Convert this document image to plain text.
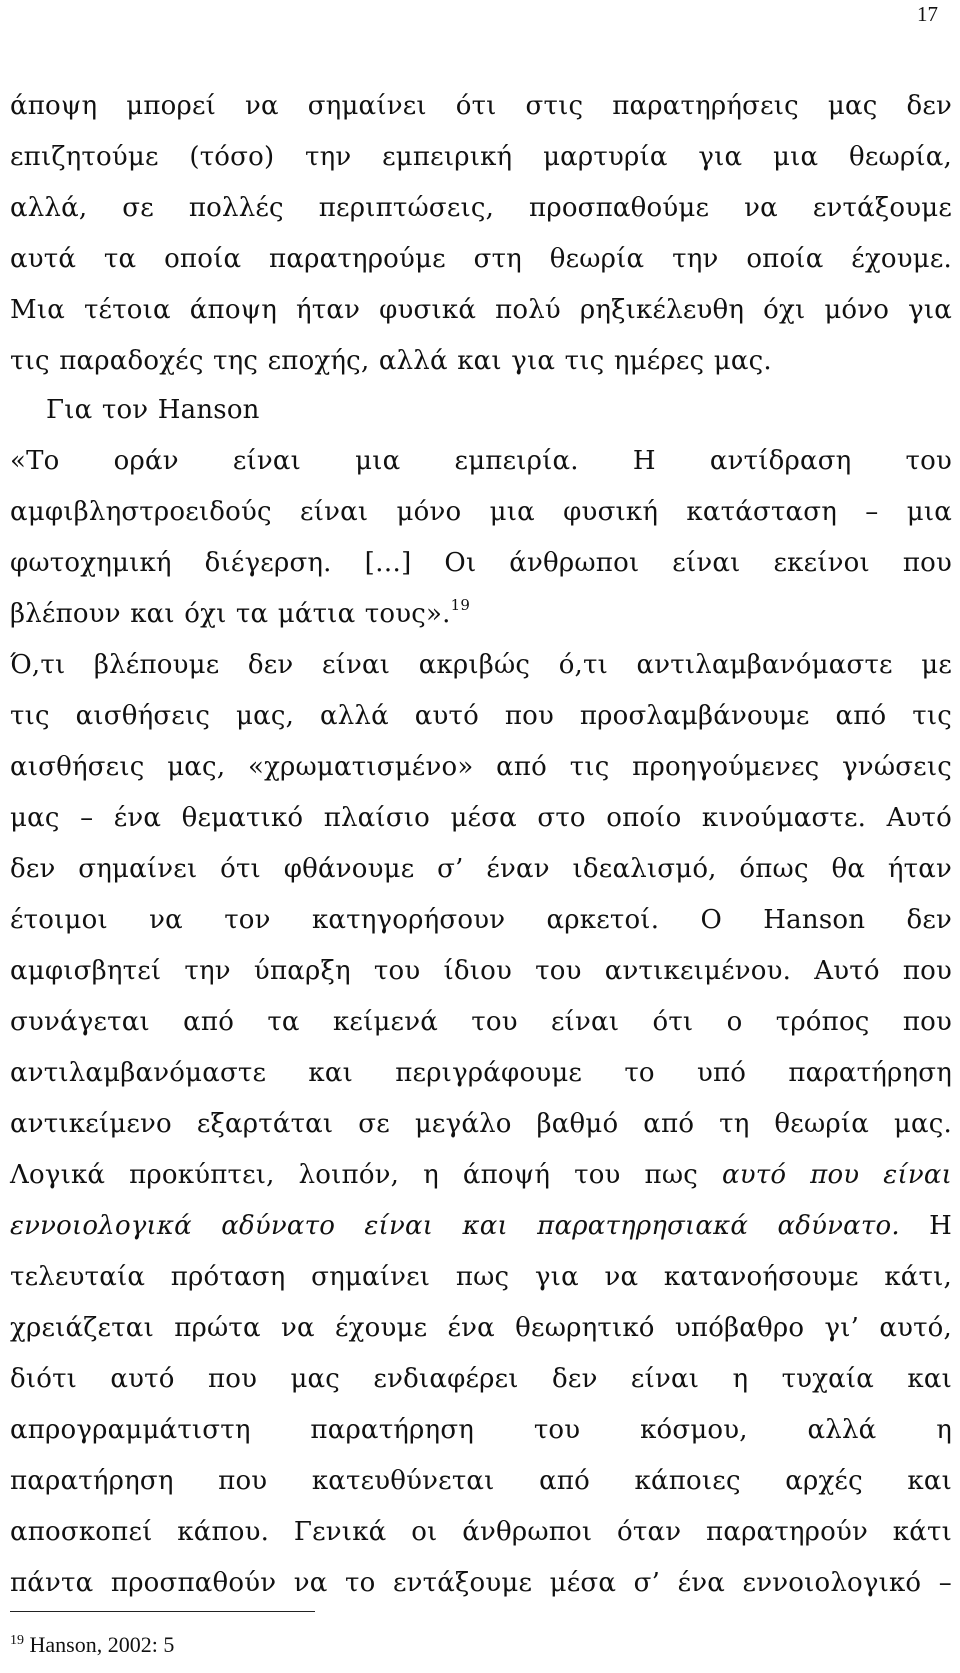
17
άποψη μπορεί να σημαίνει ότι στις παρατηρήσεις μας δεν
επιζητούμε (τόσο) την εμπειρική μαρτυρία για μια θεωρία,
αλλά, σε πολλές περιπτώσεις, προσπαθούμε να εντάξουμε
αυτά τα οποία παρατηρούμε στη θεωρία την οποία έχουμε.
Μια τέτοια άποψη ήταν φυσικά πολύ ρηξικέλευθη όχι μόνο για
τις παραδοχές της εποχής, αλλά και για τις ημέρες μας.
Για τον Hanson
«Το οράν είναι μια εμπειρία. Η αντίδραση του
αμφιβληστροειδούς είναι μόνο μια φυσική κατάσταση – μια
φωτοχημική διέγερση. […] Οι άνθρωποι είναι εκείνοι που
βλέπουν και όχι τα μάτια τους».$^{19}$
Ό,τι βλέπουμε δεν είναι ακριβώς ό,τι αντιλαμβανόμαστε με
τις αισθήσεις μας, αλλά αυτό που προσλαμβάνουμε από τις
αισθήσεις μας, «χρωματισμένο» από τις προηγούμενες γνώσεις
μας – ένα θεματικό πλαίσιο μέσα στο οποίο κινούμαστε. Αυτό
δεν σημαίνει ότι φθάνουμε σ’ έναν ιδεαλισμό, όπως θα ήταν
έτοιμοι να τον κατηγορήσουν αρκετοί. Ο Hanson δεν
αμφισβητεί την ύπαρξη του ίδιου του αντικειμένου. Αυτό που
συνάγεται από τα κείμενά του είναι ότι ο τρόπος που
αντιλαμβανόμαστε και περιγράφουμε το υπό παρατήρηση
αντικείμενο εξαρτάται σε μεγάλο βαθμό από τη θεωρία μας.
Λογικά προκύπτει, λοιπόν, η άποψή του πως αυτό που είναι
εννοιολογικά αδύνατο είναι και παρατηρησιακά αδύνατο. Η
τελευταία πρόταση σημαίνει πως για να κατανοήσουμε κάτι,
χρειάζεται πρώτα να έχουμε ένα θεωρητικό υπόβαθρο γι’ αυτό,
διότι αυτό που μας ενδιαφέρει δεν είναι η τυχαία και
απρογραμμάτιστη παρατήρηση του κόσμου, αλλά η
παρατήρηση που κατευθύνεται από κάποιες αρχές και
αποσκοπεί κάπου. Γενικά οι άνθρωποι όταν παρατηρούν κάτι
πάντα προσπαθούν να το εντάξουμε μέσα σ’ ένα εννοιολογικό –
$^{19}$ Hanson, 2002: 5
